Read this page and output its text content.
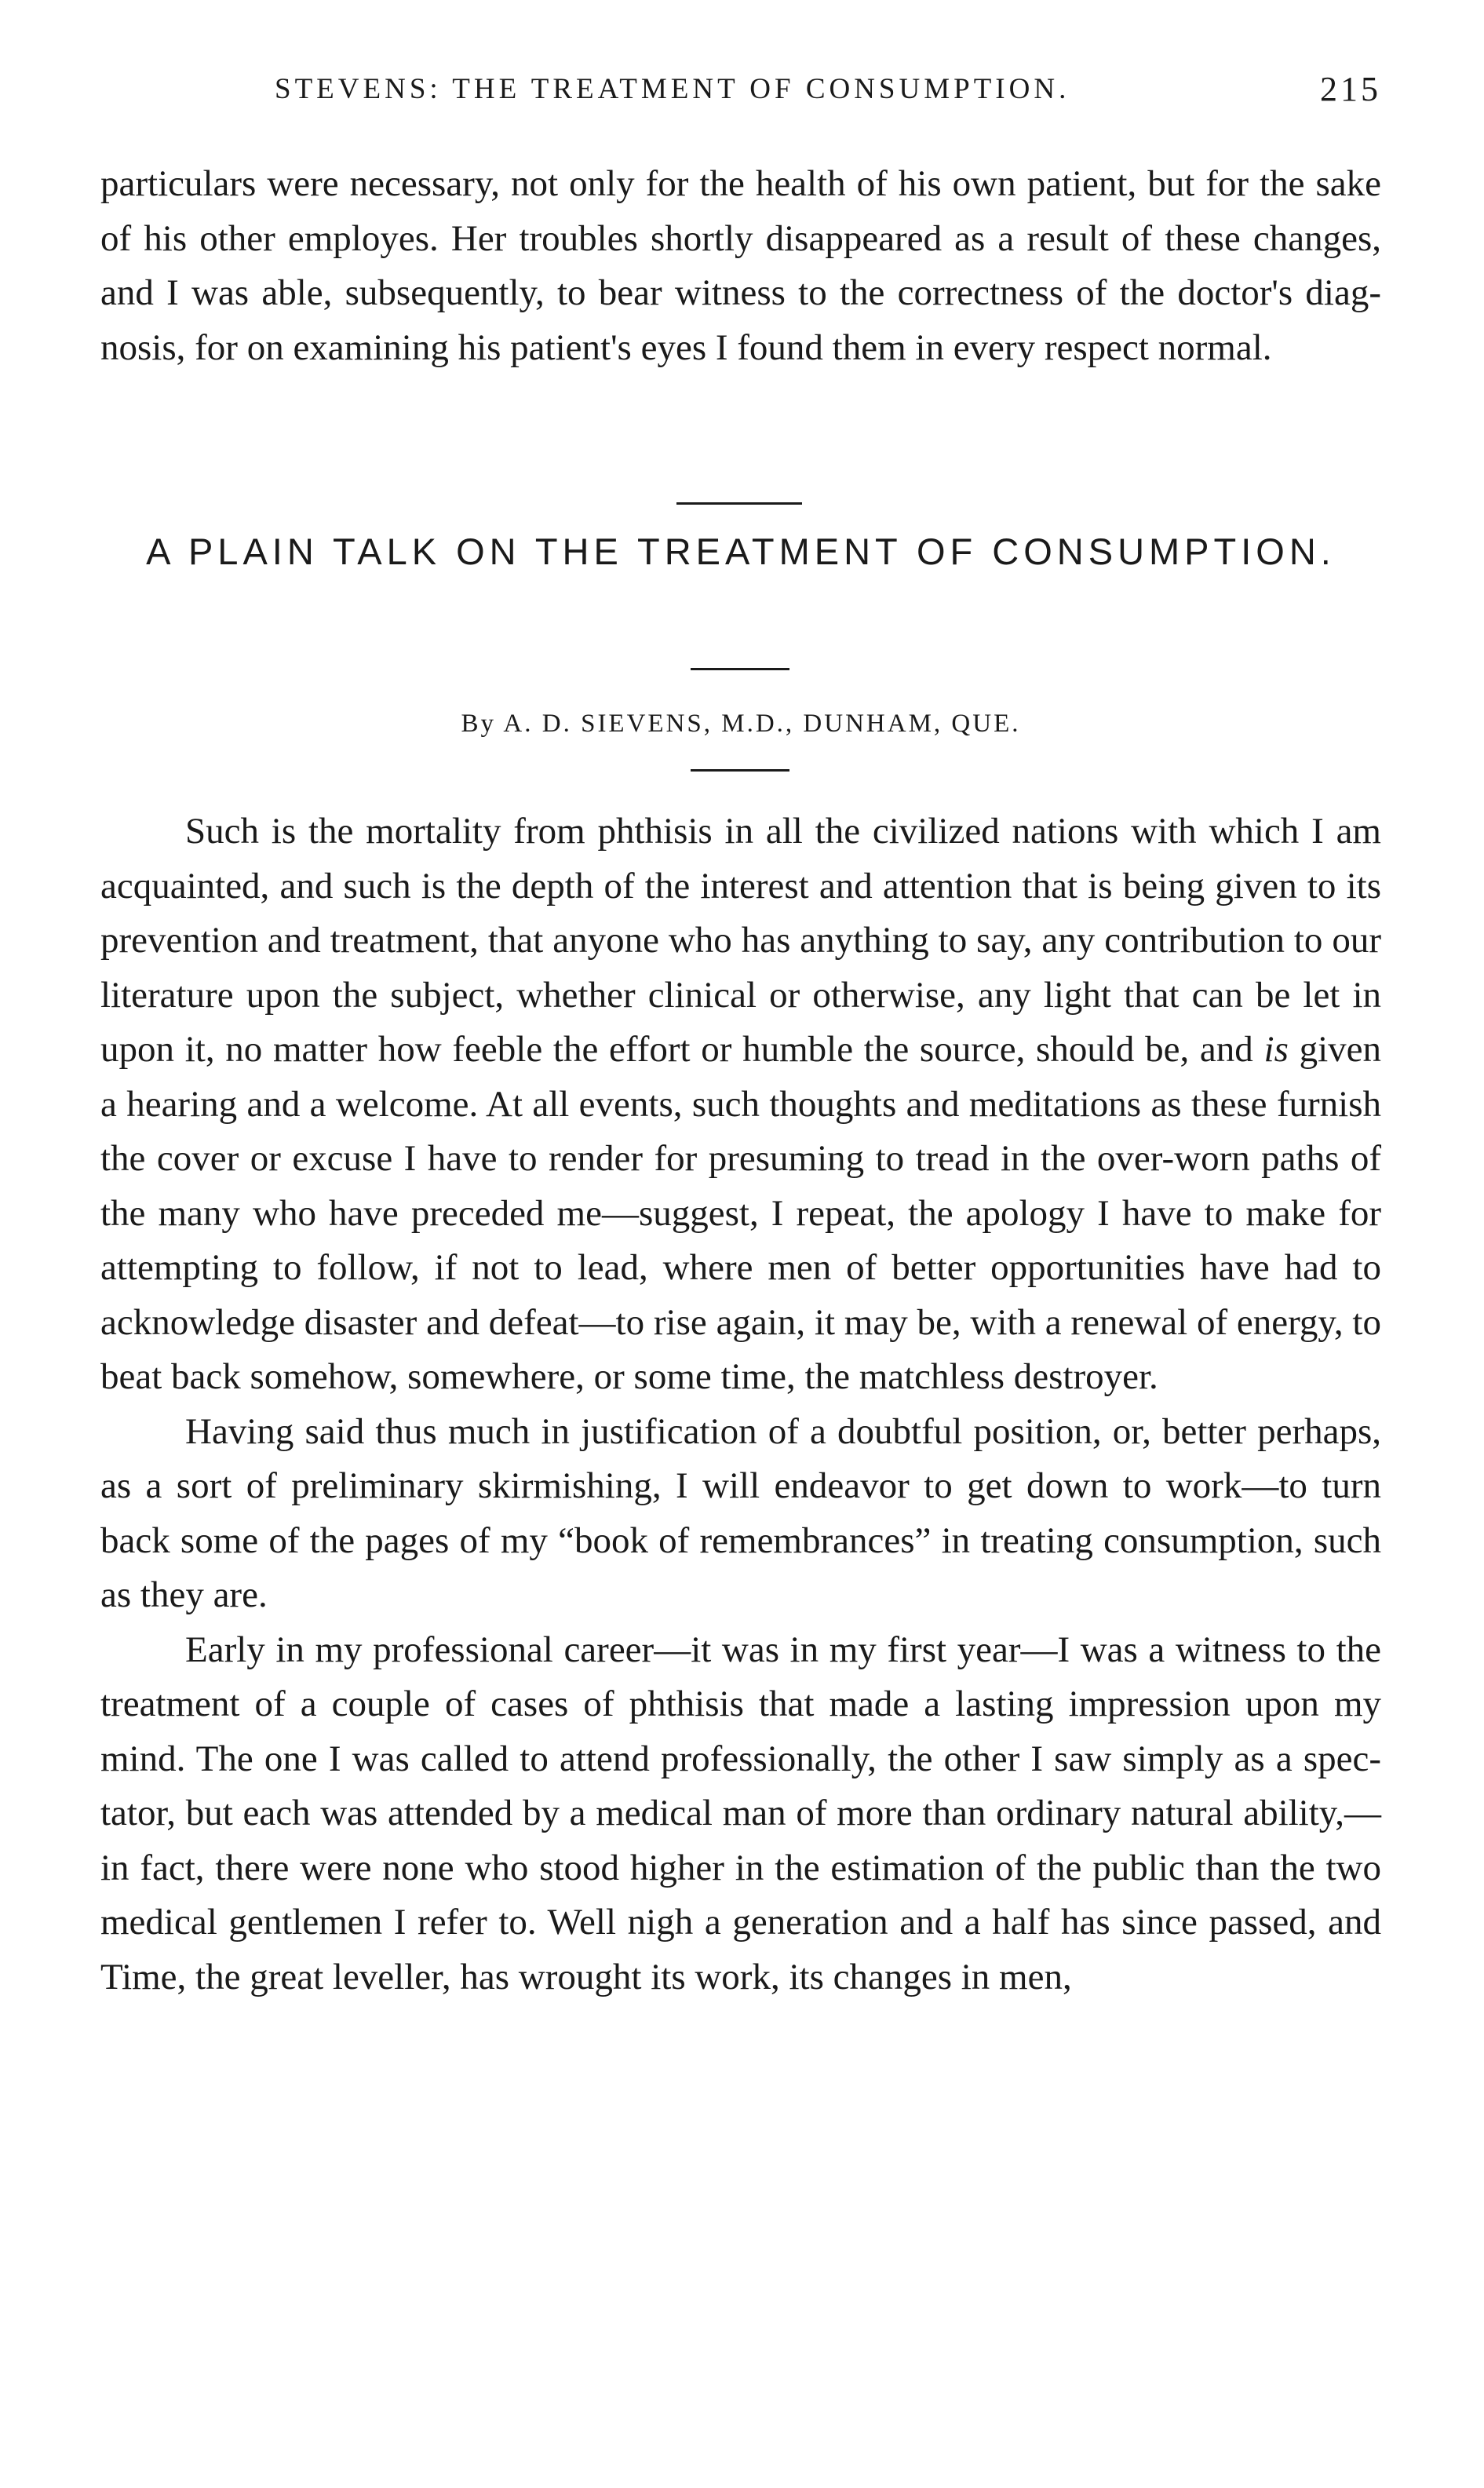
STEVENS: THE TREATMENT OF CONSUMPTION.	215

particulars were necessary, not only for the health of his own patient, but for the sake of his other employes. Her troubles shortly disappeared as a result of these changes, and I was able, subsequently, to bear witness to the correctness of the doctor's diagnosis, for on examining his patient's eyes I found them in every respect normal.

A PLAIN TALK ON THE TREATMENT OF CONSUMPTION.

By A. D. SIEVENS, M.D., DUNHAM, QUE.

Such is the mortality from phthisis in all the civilized nations with which I am acquainted, and such is the depth of the interest and attention that is being given to its prevention and treatment, that anyone who has anything to say, any contribution to our literature upon the subject, whether clinical or otherwise, any light that can be let in upon it, no matter how feeble the effort or humble the source, should be, and is given a hearing and a welcome. At all events, such thoughts and meditations as these furnish the cover or excuse I have to render for presuming to tread in the over-worn paths of the many who have preceded me—suggest, I repeat, the apology I have to make for attempting to follow, if not to lead, where men of better opportunities have had to acknowledge disaster and defeat—to rise again, it may be, with a renewal of energy, to beat back somehow, somewhere, or some time, the matchless destroyer.

Having said thus much in justification of a doubtful position, or, better perhaps, as a sort of preliminary skirmishing, I will endeavor to get down to work—to turn back some of the pages of my “book of remembrances” in treating consumption, such as they are.

Early in my professional career—it was in my first year—I was a witness to the treatment of a couple of cases of phthisis that made a lasting impression upon my mind. The one I was called to attend professionally, the other I saw simply as a spectator, but each was attended by a medical man of more than ordinary natural ability,—in fact, there were none who stood higher in the estimation of the public than the two medical gentlemen I refer to. Well nigh a generation and a half has since passed, and Time, the great leveller, has wrought its work, its changes in men,
